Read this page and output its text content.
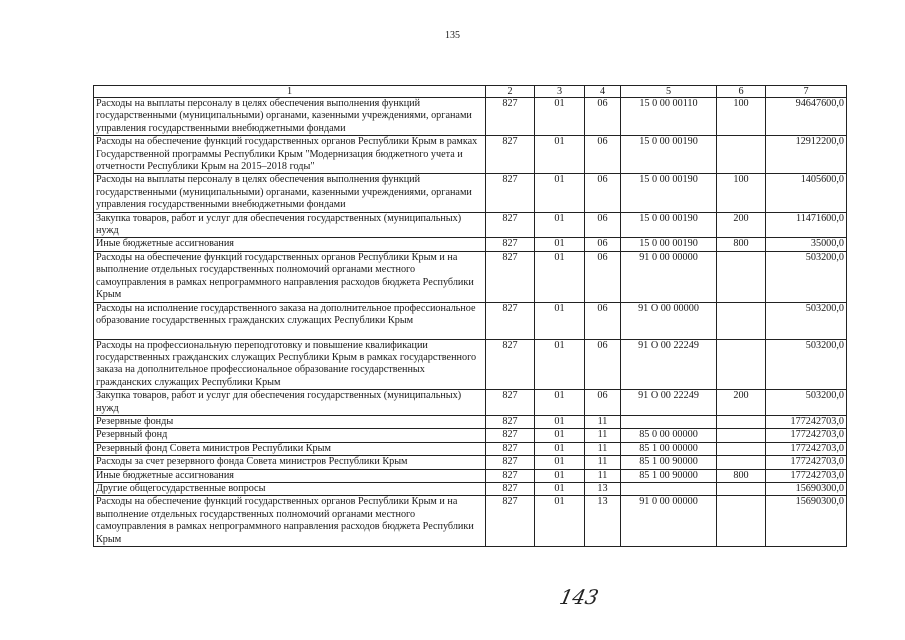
135
1	2	3	4	5	6	7
Расходы на выплаты персоналу в целях обеспечения выполнения функций государственными (муниципальными) органами, казенными учреждениями, органами управления государственными внебюджетными фондами	827	01	06	15 0 00 00110	100	94647600,0
Расходы на обеспечение функций государственных органов Республики Крым в рамках Государственной программы Республики Крым "Модернизация бюджетного учета и отчетности Республики Крым на 2015–2018 годы"	827	01	06	15 0 00 00190		12912200,0
Расходы на выплаты персоналу в целях обеспечения выполнения функций государственными (муниципальными) органами, казенными учреждениями, органами управления государственными внебюджетными фондами	827	01	06	15 0 00 00190	100	1405600,0
Закупка товаров, работ и услуг для обеспечения государственных (муниципальных) нужд	827	01	06	15 0 00 00190	200	11471600,0
Иные бюджетные ассигнования	827	01	06	15 0 00 00190	800	35000,0
Расходы на обеспечение функций государственных органов Республики Крым и на выполнение отдельных государственных полномочий органами местного самоуправления в рамках непрограммного направления расходов бюджета Республики Крым	827	01	06	91 0 00 00000		503200,0
Расходы на исполнение государственного заказа на дополнительное профессиональное образование государственных гражданских служащих Республики Крым	827	01	06	91 О 00 00000		503200,0
Расходы на профессиональную переподготовку и повышение квалификации государственных гражданских служащих Республики Крым в рамках государственного заказа на дополнительное профессиональное образование государственных гражданских служащих Республики Крым	827	01	06	91 О 00 22249		503200,0
Закупка товаров, работ и услуг для обеспечения государственных (муниципальных) нужд	827	01	06	91 О 00 22249	200	503200,0
Резервные фонды	827	01	11			177242703,0
Резервный фонд	827	01	11	85 0 00 00000		177242703,0
Резервный фонд Совета министров Республики Крым	827	01	11	85 1 00 00000		177242703,0
Расходы за счет резервного фонда Совета министров Республики Крым	827	01	11	85 1 00 90000		177242703,0
Иные бюджетные ассигнования	827	01	11	85 1 00 90000	800	177242703,0
Другие общегосударственные вопросы	827	01	13			15690300,0
Расходы на обеспечение функций государственных органов Республики Крым и на выполнение отдельных государственных полномочий органами местного самоуправления в рамках непрограммного направления расходов бюджета Республики Крым	827	01	13	91 0 00 00000		15690300,0
143
